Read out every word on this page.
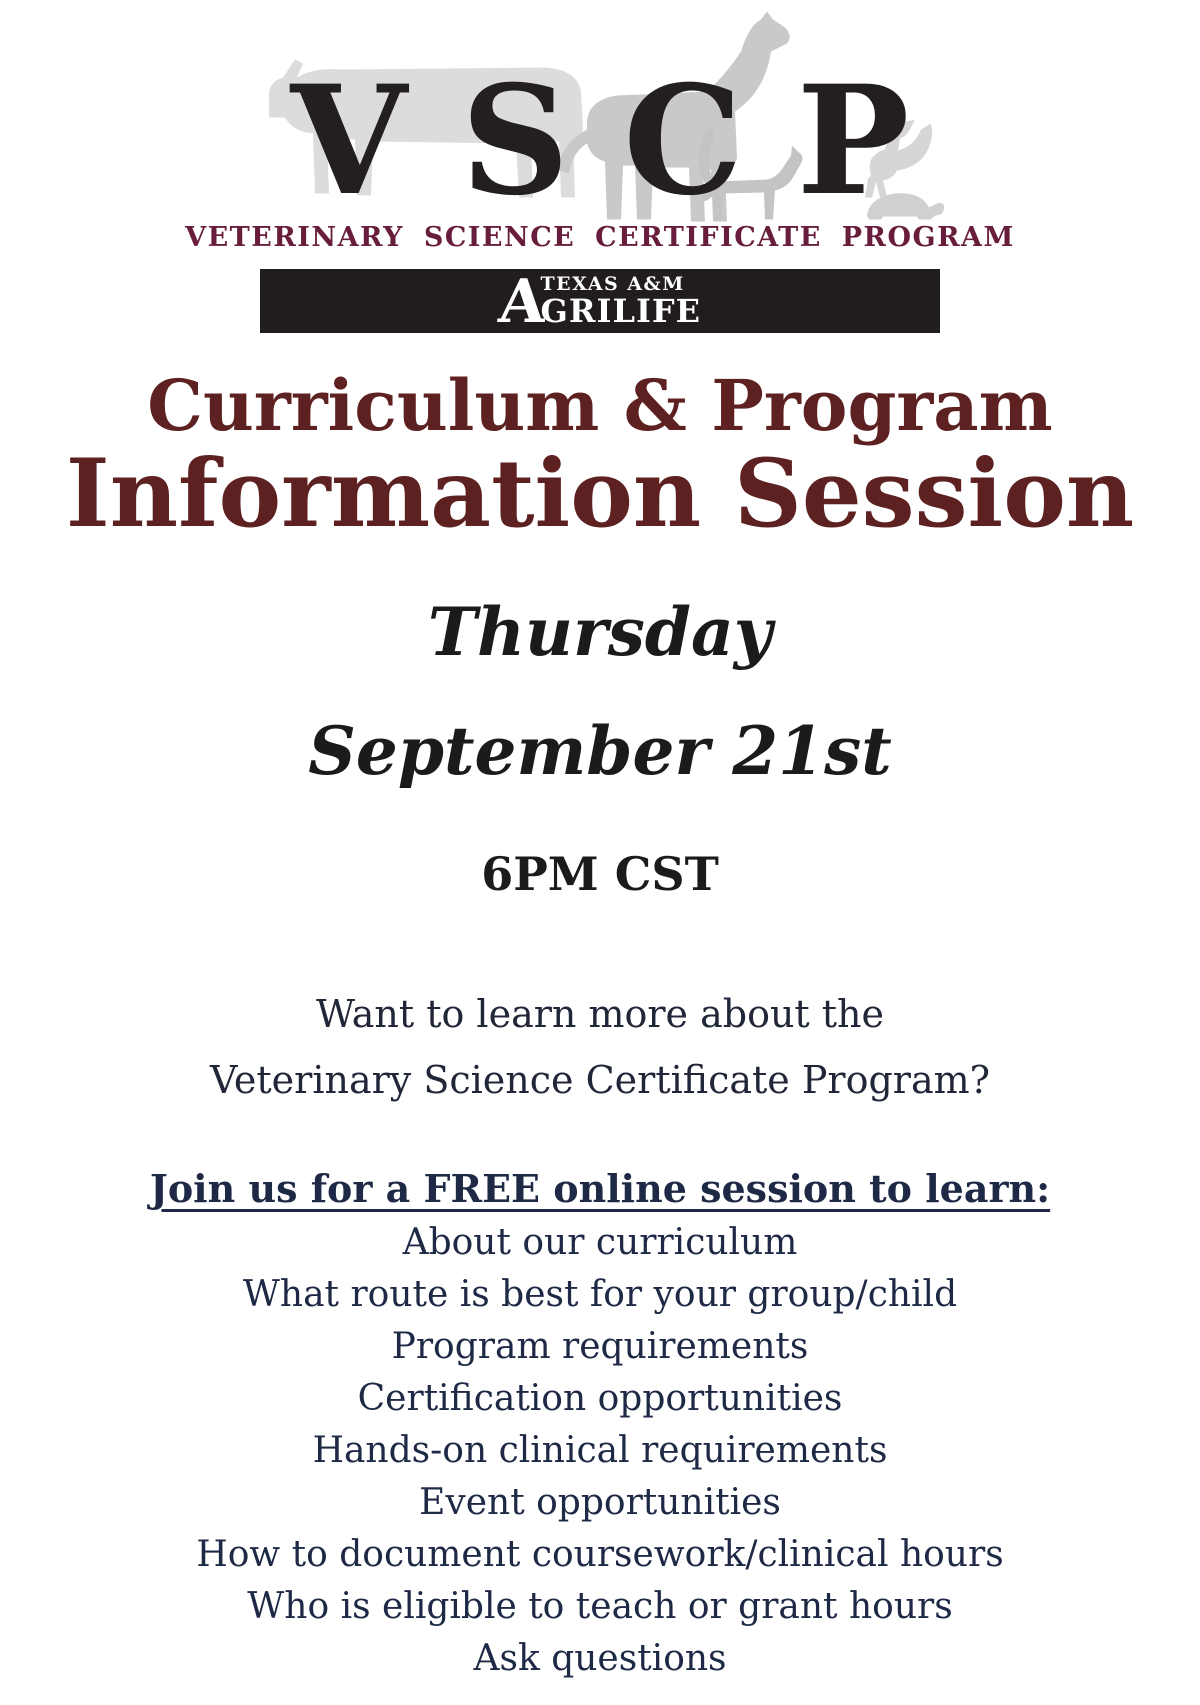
VSCP
VETERINARY SCIENCE CERTIFICATE PROGRAM
A
TEXAS A&M
GRILIFE
Curriculum & Program
Information Session
Thursday
September 21st
6PM CST
Want to learn more about the
Veterinary Science Certificate Program?
Join us for a FREE online session to learn:
About our curriculum
What route is best for your group/child
Program requirements
Certification opportunities
Hands-on clinical requirements
Event opportunities
How to document coursework/clinical hours
Who is eligible to teach or grant hours
Ask questions
